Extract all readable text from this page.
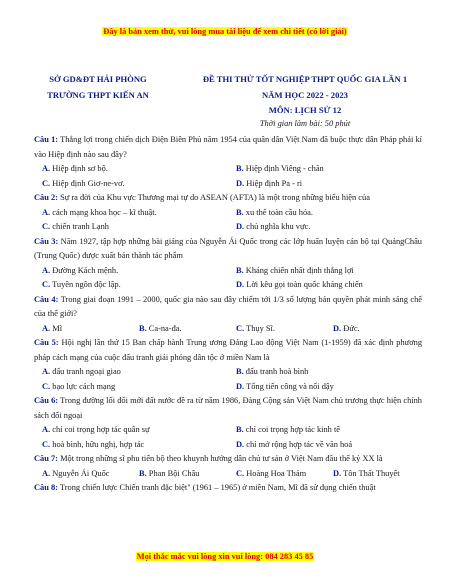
Đây là bản xem thử, vui lòng mua tài liệu để xem chi tiết (có lời giải)
SỞ GD&ĐT HẢI PHÒNG
TRƯỜNG THPT KIẾN AN
ĐỀ THI THỬ TỐT NGHIỆP THPT QUỐC GIA LẦN 1
NĂM HỌC 2022 - 2023
MÔN: LỊCH SỬ 12
Thời gian làm bài: 50 phút
Câu 1: Thắng lợi trong chiến dịch Điện Biên Phủ năm 1954 của quân dân Việt Nam đã buộc thực dân Pháp phải kí vào Hiệp định nào sau đây?
A. Hiệp định sơ bộ.	B. Hiệp định Viêng - chăn
C. Hiệp định Giơ-ne-vơ.	D. Hiệp định Pa - ri
Câu 2: Sự ra đời của Khu vực Thương mại tự do ASEAN (AFTA) là một trong những biểu hiện của
A. cách mạng khoa học – kĩ thuật.	B. xu thế toàn cầu hóa.
C. chiến tranh Lạnh	D. chủ nghĩa khu vực.
Câu 3: Năm 1927, tập hợp những bài giảng của Nguyễn Ái Quốc trong các lớp huấn luyện cán bộ tại QuảngChâu (Trung Quốc) được xuất bản thành tác phẩm
A. Đường Kách mệnh.	B. Kháng chiến nhất định thắng lợi
C. Tuyên ngôn độc lập.	D. Lời kêu gọi toàn quốc kháng chiến
Câu 4: Trong giai đoạn 1991 – 2000, quốc gia nào sau đây chiếm tới 1/3 số lượng bản quyền phát minh sáng chế của thế giới?
A. Mĩ	B. Ca-na-đa.	C. Thụy Sĩ.	D. Đức.
Câu 5: Hội nghị lần thứ 15 Ban chấp hành Trung ương Đảng Lao động Việt Nam (1-1959) đã xác định phương pháp cách mạng của cuộc đấu tranh giải phóng dân tộc ở miền Nam là
A. đấu tranh ngoại giao	B. đấu tranh hoà bình
C. bạo lực cách mạng	D. Tổng tiến công và nổi dậy
Câu 6: Trong đường lối đổi mới đất nước đề ra từ năm 1986, Đảng Cộng sản Việt Nam chủ trương thực hiện chính sách đối ngoại
A. chỉ coi trọng hợp tác quân sự	B. chỉ coi trọng hợp tác kinh tế
C. hoà bình, hữu nghị, hợp tác	D. chỉ mở rộng hợp tác về văn hoá
Câu 7: Một trong những sĩ phu tiến bộ theo khuynh hướng dân chủ tư sản ở Việt Nam đầu thế kỷ XX là
A. Nguyễn Ái Quốc	B. Phan Bội Châu	C. Hoàng Hoa Thám	D. Tôn Thất Thuyết
Câu 8: Trong chiến lược Chiến tranh đặc biệt" (1961 – 1965) ở miền Nam, Mĩ đã sử dụng chiến thuật
Mọi thắc mắc vui lòng xin vui lòng: 084 283 45 85
